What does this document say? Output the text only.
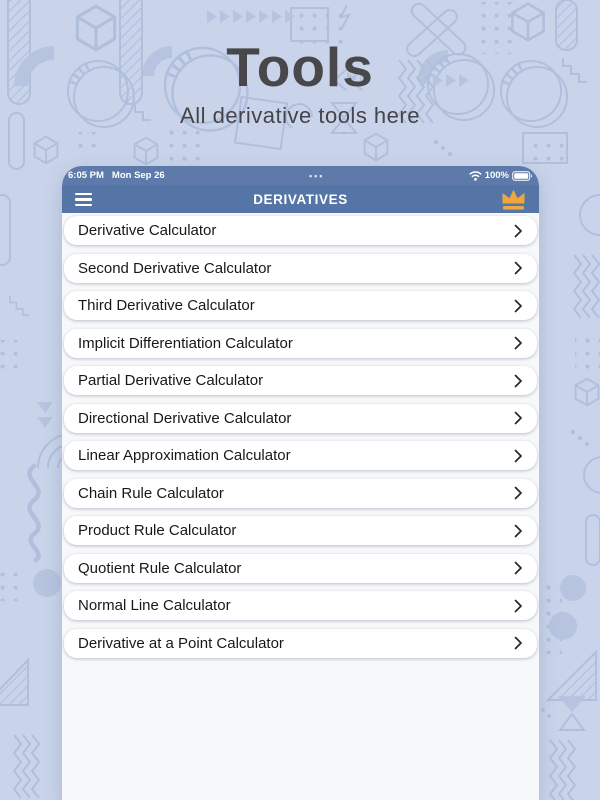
Tools
All derivative tools here
6:05 PM Mon Sep 26	•••	100%
DERIVATIVES
Derivative Calculator
Second Derivative Calculator
Third Derivative Calculator
Implicit Differentiation Calculator
Partial Derivative Calculator
Directional Derivative Calculator
Linear Approximation Calculator
Chain Rule Calculator
Product Rule Calculator
Quotient Rule Calculator
Normal Line Calculator
Derivative at a Point Calculator
